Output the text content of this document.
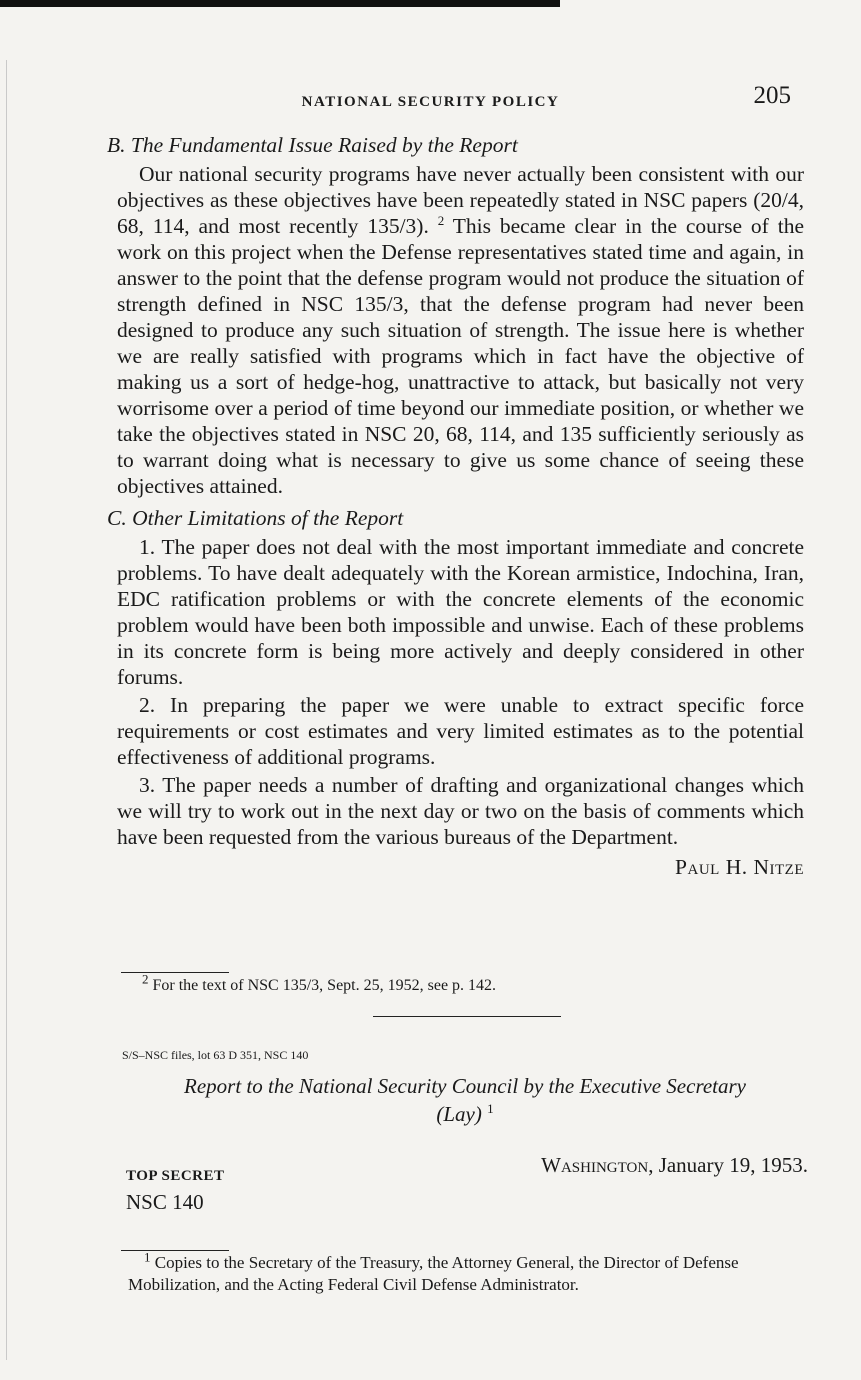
NATIONAL SECURITY POLICY	205

B. The Fundamental Issue Raised by the Report

Our national security programs have never actually been consistent with our objectives as these objectives have been repeatedly stated in NSC papers (20/4, 68, 114, and most recently 135/3). $^2$ This became clear in the course of the work on this project when the Defense representatives stated time and again, in answer to the point that the defense program would not produce the situation of strength defined in NSC 135/3, that the defense program had never been designed to produce any such situation of strength. The issue here is whether we are really satisfied with programs which in fact have the objective of making us a sort of hedge-hog, unattractive to attack, but basically not very worrisome over a period of time beyond our immediate position, or whether we take the objectives stated in NSC 20, 68, 114, and 135 sufficiently seriously as to warrant doing what is necessary to give us some chance of seeing these objectives attained.

C. Other Limitations of the Report

1. The paper does not deal with the most important immediate and concrete problems. To have dealt adequately with the Korean armistice, Indochina, Iran, EDC ratification problems or with the concrete elements of the economic problem would have been both impossible and unwise. Each of these problems in its concrete form is being more actively and deeply considered in other forums.

2. In preparing the paper we were unable to extract specific force requirements or cost estimates and very limited estimates as to the potential effectiveness of additional programs.

3. The paper needs a number of drafting and organizational changes which we will try to work out in the next day or two on the basis of comments which have been requested from the various bureaus of the Department.

Paul H. Nitze
$^2$ For the text of NSC 135/3, Sept. 25, 1952, see p. 142.
S/S–NSC files, lot 63 D 351, NSC 140
Report to the National Security Council by the Executive Secretary
(Lay) $^1$
Washington, January 19, 1953.
TOP SECRET
NSC 140
$^1$ Copies to the Secretary of the Treasury, the Attorney General, the Director of Defense Mobilization, and the Acting Federal Civil Defense Administrator.
